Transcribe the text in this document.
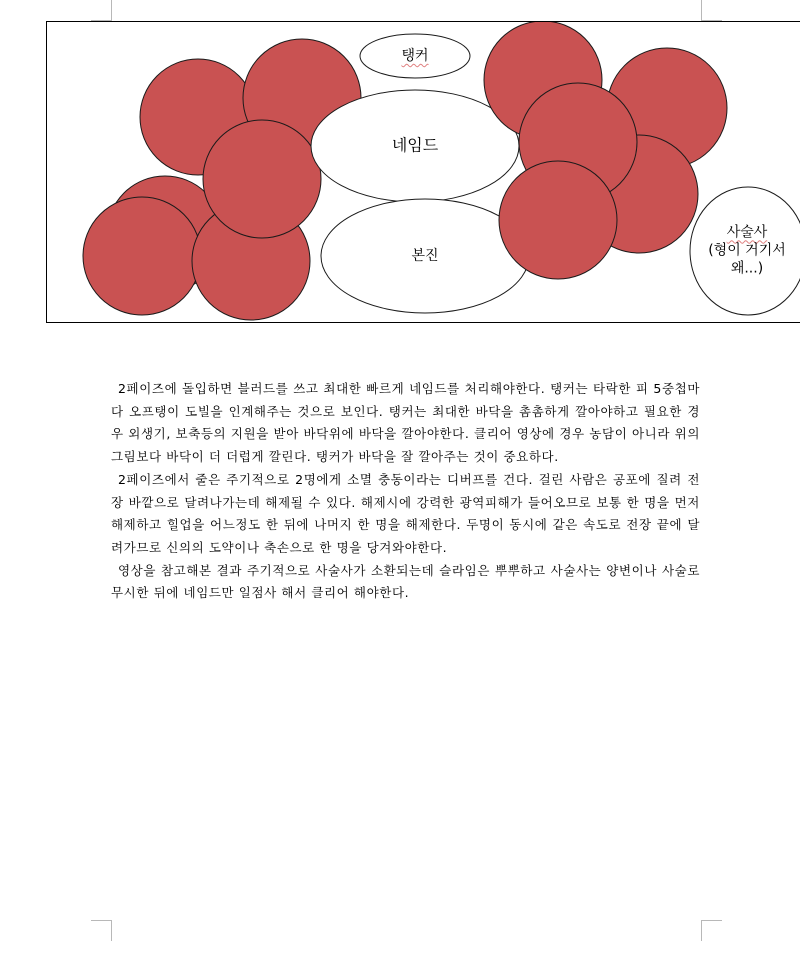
탱커
네임드
본진
사술사
(형이 거기서 왜...)

2페이즈에 돌입하면 블러드를 쓰고 최대한 빠르게 네임드를 처리해야한다. 탱커는 타락한 피 5중첩마다 오프탱이 도빌을 인계해주는 것으로 보인다. 탱커는 최대한 바닥을 촘촘하게 깔아야하고 필요한 경우 외생기, 보축등의 지원을 받아 바닥위에 바닥을 깔아야한다. 클리어 영상에 경우 농담이 아니라 위의 그림보다 바닥이 더 더럽게 깔린다. 탱커가 바닥을 잘 깔아주는 것이 중요하다.

2페이즈에서 줄은 주기적으로 2명에게 소멸 충동이라는 디버프를 건다. 걸린 사람은 공포에 질려 전장 바깥으로 달려나가는데 해제될 수 있다. 해제시에 강력한 광역피해가 들어오므로 보통 한 명을 먼저 해제하고 힐업을 어느정도 한 뒤에 나머지 한 명을 해제한다. 두명이 동시에 같은 속도로 전장 끝에 달려가므로 신의의 도약이나 축손으로 한 명을 당겨와야한다.

영상을 참고해본 결과 주기적으로 사술사가 소환되는데 슬라임은 뿌뿌하고 사술사는 양변이나 사술로 무시한 뒤에 네임드만 일점사 해서 클리어 해야한다.
